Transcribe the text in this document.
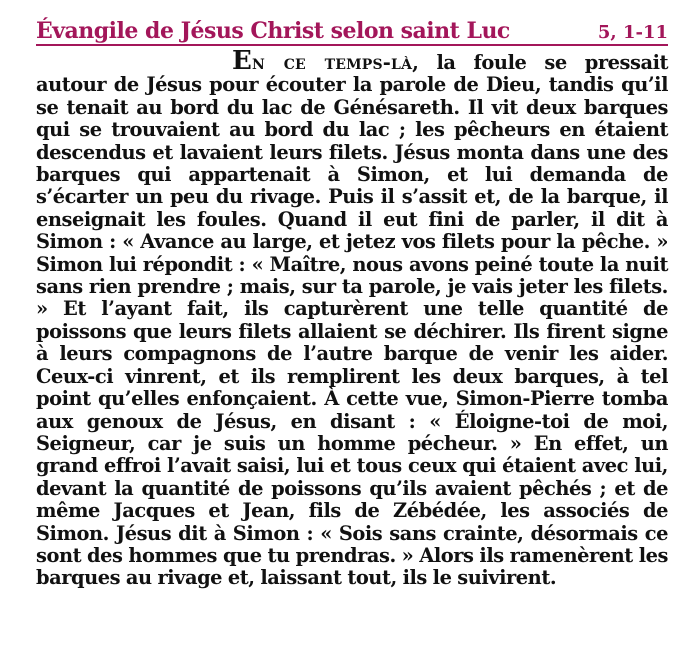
Évangile de Jésus Christ selon saint Luc	5, 1-11

En ce temps-là, la foule se pressait autour de Jésus pour écouter la parole de Dieu, tandis qu’il se tenait au bord du lac de Génésareth. Il vit deux barques qui se trouvaient au bord du lac ; les pêcheurs en étaient descendus et lavaient leurs filets. Jésus monta dans une des barques qui appartenait à Simon, et lui demanda de s’écarter un peu du rivage. Puis il s’assit et, de la barque, il enseignait les foules. Quand il eut fini de parler, il dit à Simon : « Avance au large, et jetez vos filets pour la pêche. » Simon lui répondit : « Maître, nous avons peiné toute la nuit sans rien prendre ; mais, sur ta parole, je vais jeter les filets. » Et l’ayant fait, ils capturèrent une telle quantité de poissons que leurs filets allaient se déchirer. Ils firent signe à leurs compagnons de l’autre barque de venir les aider. Ceux-ci vinrent, et ils remplirent les deux barques, à tel point qu’elles enfonçaient. À cette vue, Simon-Pierre tomba aux genoux de Jésus, en disant : « Éloigne-toi de moi, Seigneur, car je suis un homme pécheur. » En effet, un grand effroi l’avait saisi, lui et tous ceux qui étaient avec lui, devant la quantité de poissons qu’ils avaient pêchés ; et de même Jacques et Jean, fils de Zébédée, les associés de Simon. Jésus dit à Simon : « Sois sans crainte, désormais ce sont des hommes que tu prendras. » Alors ils ramenèrent les barques au rivage et, laissant tout, ils le suivirent.
